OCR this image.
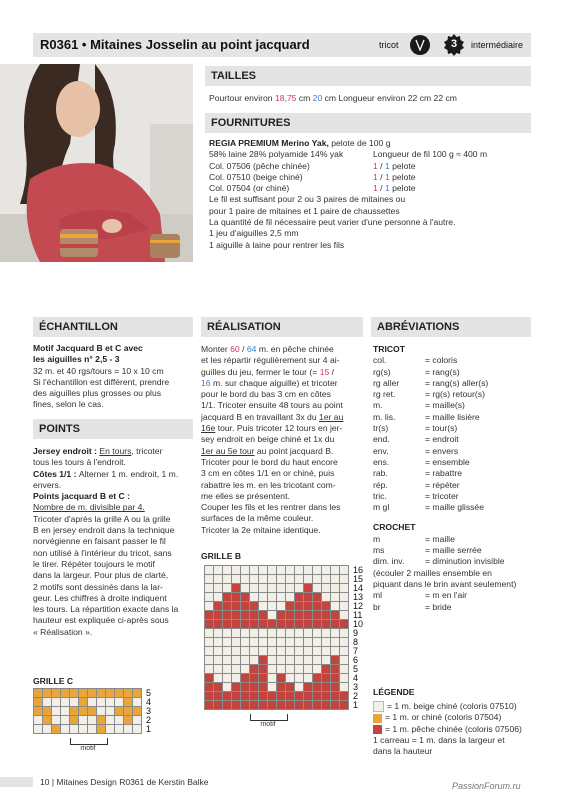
R0361 • Mitaines Josselin au point jacquard	tricot	3	intermédiaire
TAILLES
Pourtour environ 18,75 cm 20 cm Longueur environ 22 cm 22 cm
FOURNITURES
REGIA PREMIUM Merino Yak, pelote de 100 g
58% laine 28% polyamide 14% yak	Longueur de fil 100 g ≈ 400 m
Col. 07506 (pêche chinée)	1 / 1 pelote
Col. 07510 (beige chiné)	1 / 1 pelote
Col. 07504 (or chiné)	1 / 1 pelote
Le fil est suffisant pour 2 ou 3 paires de mitaines ou
pour 1 paire de mitaines et 1 paire de chaussettes
La quantité de fil nécessaire peut varier d'une personne à l'autre.
1 jeu d'aiguilles 2,5 mm
1 aiguille à laine pour rentrer les fils
ÉCHANTILLON
Motif Jacquard B et C avec
les aiguilles n° 2,5 - 3
32 m. et 40 rgs/tours = 10 x 10 cm
Si l'échantillon est différent, prendre
des aiguilles plus grosses ou plus
fines, selon le cas.
POINTS
Jersey endroit : En tours, tricoter
tous les tours à l'endroit.
Côtes 1/1 : Alterner 1 m. endroit, 1 m.
envers.
Points jacquard B et C :
Nombre de m. divisible par 4.
Tricoter d'après la grille A ou la grille
B en jersey endroit dans la technique
norvégienne en faisant passer le fil
non utilisé à l'intérieur du tricot, sans
le tirer. Répéter toujours le motif
dans la largeur. Pour plus de clarté,
2 motifs sont dessinés dans la lar-
geur. Les chiffres à droite indiquent
les tours. La répartition exacte dans la
hauteur est expliquée ci-après sous
« Réalisation ».
GRILLE C
5
4
3
2
1
motif
RÉALISATION
Monter 60 / 64 m. en pêche chinée
et les répartir régulièrement sur 4 ai-
guilles du jeu, fermer le tour (= 15 /
16 m. sur chaque aiguille) et tricoter
pour le bord du bas 3 cm en côtes
1/1. Tricoter ensuite 48 tours au point
jacquard B en travaillant 3x du 1er au
16e tour. Puis tricoter 12 tours en jer-
sey endroit en beige chiné et 1x du
1er au 5e tour au point jacquard B.
Tricoter pour le bord du haut encore
3 cm en côtes 1/1 en or chiné, puis
rabattre les m. en les tricotant com-
me elles se présentent.
Couper les fils et les rentrer dans les
surfaces de la même couleur.
Tricoter la 2e mitaine identique.
GRILLE B
16
15
14
13
12
11
10
9
8
7
6
5
4
3
2
1
motif
ABRÉVIATIONS
TRICOT
col.	= coloris
rg(s)	= rang(s)
rg aller	= rang(s) aller(s)
rg ret.	= rg(s) retour(s)
m.	= maille(s)
m. lis.	= maille lisière
tr(s)	= tour(s)
end.	= endroit
env.	= envers
ens.	= ensemble
rab.	= rabattre
rép.	= répéter
tric.	= tricoter
m gl	= maille glissée
CROCHET
m	= maille
ms	= maille serrée
dim. inv.	= diminution invisible
(écouler 2 mailles ensemble en
piquant dans le brin avant seulement)
ml	= m en l'air
br	= bride
LÉGENDE
= 1 m. beige chiné (coloris 07510)
= 1 m. or chiné (coloris 07504)
= 1 m. pêche chinée (coloris 07506)
1 carreau = 1 m. dans la largeur et
dans la hauteur
10 | Mitaines Design R0361 de Kerstin Balke	PassionForum.ru
